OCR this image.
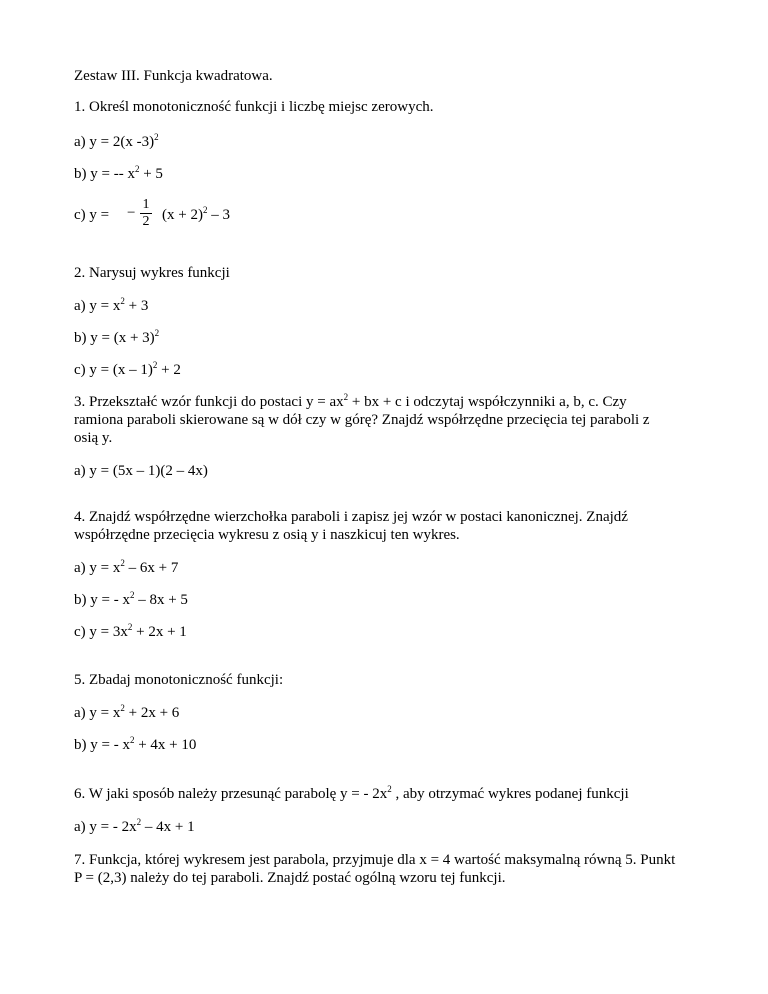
Zestaw III. Funkcja kwadratowa.
1. Określ monotoniczność funkcji i liczbę miejsc zerowych.
a) y = 2(x -3)$^2$
b) y = -- $x^2 + 5$
c) y = − $\frac{1}{2} (x + 2)^2 - 3$
2. Narysuj wykres funkcji
a) $y = x^2 + 3$
b) $y = (x + 3)^2$
c) y = (x – 1)$^2$ + 2
3. Przekształć wzór funkcji do postaci $y = ax^2$ + bx + c i odczytaj współczynniki a, b, c. Czy
ramiona paraboli skierowane są w dół czy w górę? Znajdź współrzędne przecięcia tej paraboli z
osią y.
a) y = (5x – 1)(2 – 4x)
4. Znajdź współrzędne wierzchołka paraboli i zapisz jej wzór w postaci kanonicznej. Znajdź
współrzędne przecięcia wykresu z osią y i naszkicuj ten wykres.
a) $y = x^2 - 6x + 7$
b) y = - $x^2 - 8x + 5$
c) $y = 3x^2 + 2x + 1$
5. Zbadaj monotoniczność funkcji:
a) $y = x^2 + 2x + 6$
b) y = - $x^2 + 4x + 10$
6. W jaki sposób należy przesunąć parabolę y = - $2x^2$ , aby otrzymać wykres podanej funkcji
a) y = - $2x^2 - 4x + 1$
7. Funkcja, której wykresem jest parabola, przyjmuje dla x = 4 wartość maksymalną równą 5. Punkt
P = (2,3) należy do tej paraboli. Znajdź postać ogólną wzoru tej funkcji.
